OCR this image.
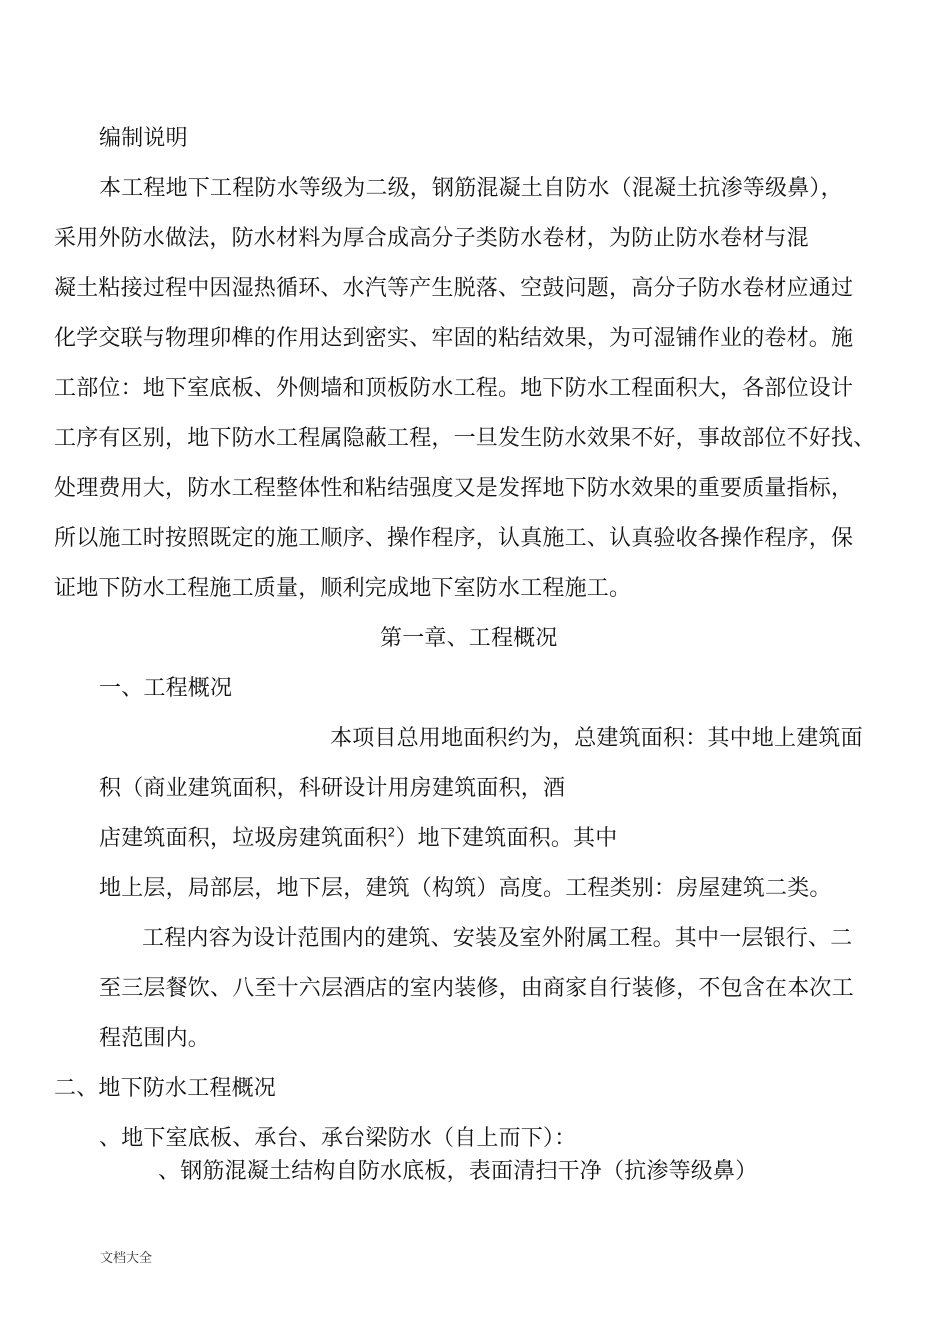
编制说明

本工程地下工程防水等级为二级，钢筋混凝土自防水（混凝土抗渗等级鼻），

采用外防水做法，防水材料为厚合成高分子类防水卷材，为防止防水卷材与混

凝土粘接过程中因湿热循环、水汽等产生脱落、空鼓问题，高分子防水卷材应通过

化学交联与物理卯榫的作用达到密实、牢固的粘结效果，为可湿铺作业的卷材。施

工部位：地下室底板、外侧墙和顶板防水工程。地下防水工程面积大，各部位设计

工序有区别，地下防水工程属隐蔽工程，一旦发生防水效果不好，事故部位不好找、

处理费用大，防水工程整体性和粘结强度又是发挥地下防水效果的重要质量指标，

所以施工时按照既定的施工顺序、操作程序，认真施工、认真验收各操作程序，保

证地下防水工程施工质量，顺利完成地下室防水工程施工。

第一章、工程概况

一、工程概况

本项目总用地面积约为，总建筑面积：其中地上建筑面

积（商业建筑面积，科研设计用房建筑面积，酒

店建筑面积，垃圾房建筑面积$^2$）地下建筑面积。其中

地上层，局部层，地下层，建筑（构筑）高度。工程类别：房屋建筑二类。

工程内容为设计范围内的建筑、安装及室外附属工程。其中一层银行、二

至三层餐饮、八至十六层酒店的室内装修，由商家自行装修，不包含在本次工

程范围内。

二、地下防水工程概况

、地下室底板、承台、承台梁防水（自上而下）：

、钢筋混凝土结构自防水底板，表面清扫干净（抗渗等级鼻）

文档大全
